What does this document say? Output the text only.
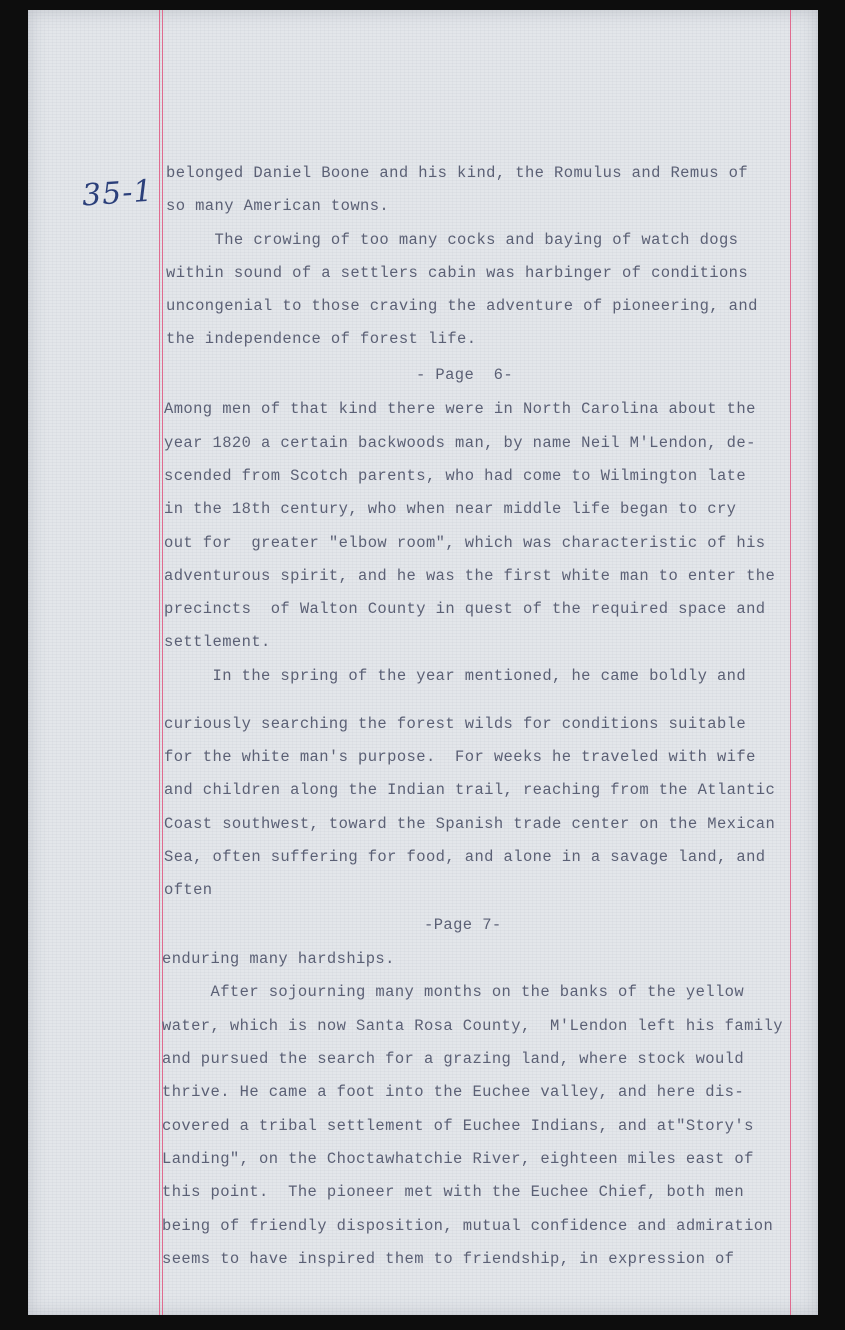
35-1
belonged Daniel Boone and his kind, the Romulus and Remus of
so many American towns.
The crowing of too many cocks and baying of watch dogs
within sound of a settlers cabin was harbinger of conditions
uncongenial to those craving the adventure of pioneering, and
the independence of forest life.
- Page  6-
Among men of that kind there were in North Carolina about the
year 1820 a certain backwoods man, by name Neil M'Lendon, de-
scended from Scotch parents, who had come to Wilmington late
in the 18th century, who when near middle life began to cry
out for  greater "elbow room", which was characteristic of his
adventurous spirit, and he was the first white man to enter the
precincts  of Walton County in quest of the required space and
settlement.
In the spring of the year mentioned, he came boldly and
curiously searching the forest wilds for conditions suitable
for the white man's purpose.  For weeks he traveled with wife
and children along the Indian trail, reaching from the Atlantic
Coast southwest, toward the Spanish trade center on the Mexican
Sea, often suffering for food, and alone in a savage land, and
often
-Page 7-
enduring many hardships.
After sojourning many months on the banks of the yellow
water, which is now Santa Rosa County,  M'Lendon left his family
and pursued the search for a grazing land, where stock would
thrive. He came a foot into the Euchee valley, and here dis-
covered a tribal settlement of Euchee Indians, and at"Story's
Landing", on the Choctawhatchie River, eighteen miles east of
this point.  The pioneer met with the Euchee Chief, both men
being of friendly disposition, mutual confidence and admiration
seems to have inspired them to friendship, in expression of
